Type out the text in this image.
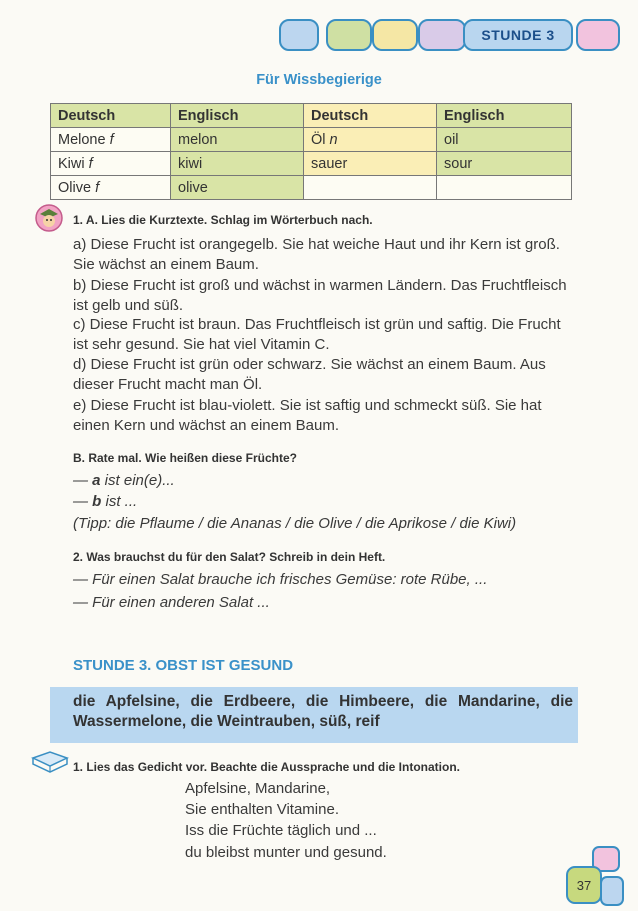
STUNDE 3
Für Wissbegierige
Deutsch	Englisch	Deutsch	Englisch
Melone f	melon	Öl n	oil
Kiwi f	kiwi	sauer	sour
Olive f	olive		
1. A. Lies die Kurztexte. Schlag im Wörterbuch nach.
a) Diese Frucht ist orangegelb. Sie hat weiche Haut und ihr Kern ist groß. Sie wächst an einem Baum.
b) Diese Frucht ist groß und wächst in warmen Ländern. Das Fruchtfleisch ist gelb und süß.
c) Diese Frucht ist braun. Das Fruchtfleisch ist grün und saftig. Die Frucht ist sehr gesund. Sie hat viel Vitamin C.
d) Diese Frucht ist grün oder schwarz. Sie wächst an einem Baum. Aus dieser Frucht macht man Öl.
e) Diese Frucht ist blau-violett. Sie ist saftig und schmeckt süß. Sie hat einen Kern und wächst an einem Baum.
B. Rate mal. Wie heißen diese Früchte?
— a ist ein(e)...
— b ist ...
(Tipp: die Pflaume / die Ananas / die Olive / die Aprikose / die Kiwi)
2. Was brauchst du für den Salat? Schreib in dein Heft.
— Für einen Salat brauche ich frisches Gemüse: rote Rübe, ...
— Für einen anderen Salat ...
STUNDE 3. OBST IST GESUND
die Apfelsine, die Erdbeere, die Himbeere, die Mandarine, die Wassermelone, die Weintrauben, süß, reif
1. Lies das Gedicht vor. Beachte die Aussprache und die Intonation.
Apfelsine, Mandarine,
Sie enthalten Vitamine.
Iss die Früchte täglich und ...
du bleibst munter und gesund.
37
